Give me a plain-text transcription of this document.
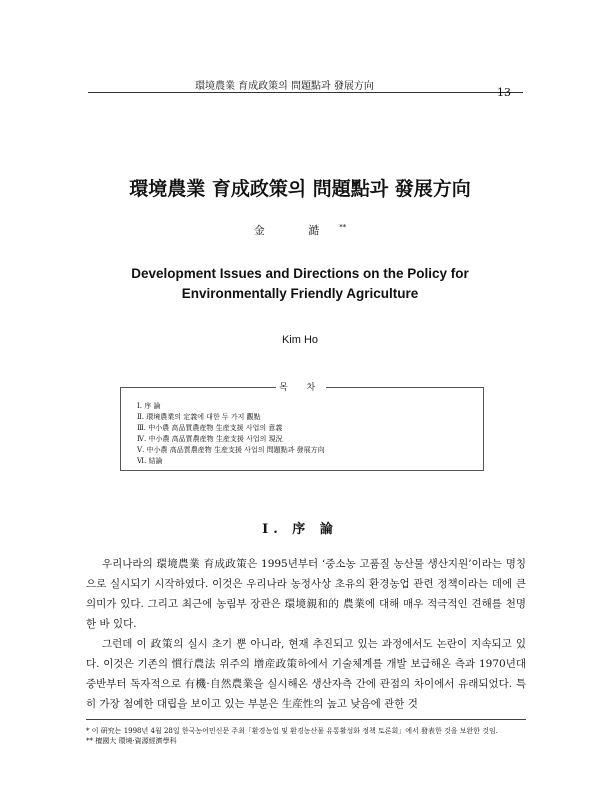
環境農業 育成政策의 問題點과 發展方向	13
環境農業 育成政策의 問題點과 發展方向
金 澔**
Development Issues and Directions on the Policy for
Environmentally Friendly Agriculture
Kim Ho
목 차
Ⅰ. 序 論
Ⅱ. 環境農業의 定義에 대한 두 가지 觀點
Ⅲ. 中小農 高品質農産物 生産支援 사업의 意義
Ⅳ. 中小農 高品質農産物 生産支援 사업의 現況
Ⅴ. 中小農 高品質農産物 生産支援 사업의 問題點과 發展方向
Ⅵ. 結論
Ⅰ. 序 論

우리나라의 環境農業 育成政策은 1995년부터 ‘중소농 고품질 농산물 생산지원’이라는 명칭으로 실시되기 시작하였다. 이것은 우리나라 농정사상 초유의 환경농업 관련 정책이라는 데에 큰 의미가 있다. 그리고 최근에 농림부 장관은 環境親和的 農業에 대해 매우 적극적인 견해를 천명한 바 있다.

그런데 이 政策의 실시 초기 뿐 아니라, 현재 추진되고 있는 과정에서도 논란이 지속되고 있다. 이것은 기존의 慣行農法 위주의 增産政策하에서 기술체계를 개발 보급해온 측과 1970년대 중반부터 독자적으로 有機·自然農業을 실시해온 생산자측 간에 관점의 차이에서 유래되었다. 특히 가장 첨예한 대립을 보이고 있는 부분은 生産性의 높고 낮음에 관한 것

* 이 硏究는 1998년 4월 28일 한국농어민신문 주최「환경농업 및 환경농산물 유통활성화 정책 토론회」에서 發表한 것을 보완한 것임.
** 檀國大 環境·資源經濟學科
